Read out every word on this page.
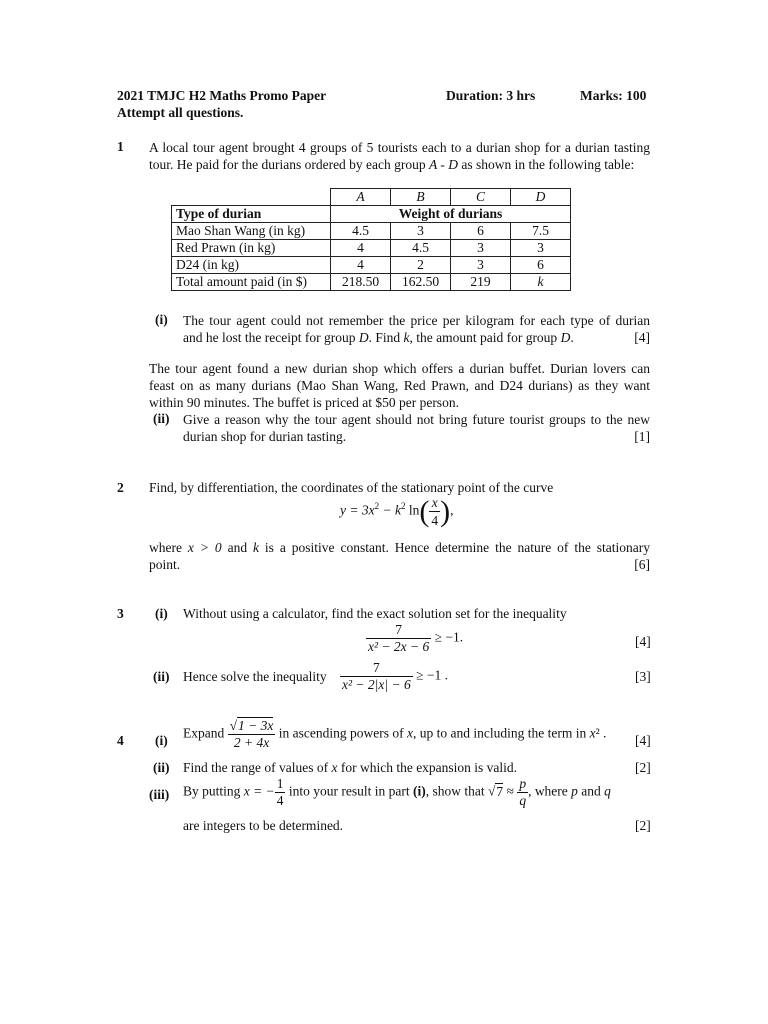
2021 TMJC H2 Maths Promo Paper	Duration: 3 hrs	Marks: 100
Attempt all questions.
1 A local tour agent brought 4 groups of 5 tourists each to a durian shop for a durian tasting
tour. He paid for the durians ordered by each group A - D as shown in the following table:
	A	B	C	D
Type of durian	Weight of durians			
Mao Shan Wang (in kg)	4.5	3	6	7.5
Red Prawn (in kg)	4	4.5	3	3
D24 (in kg)	4	2	3	6
Total amount paid (in $)	218.50	162.50	219	k
(i) The tour agent could not remember the price per kilogram for each type of durian
and he lost the receipt for group D. Find k, the amount paid for group D.	[4]
The tour agent found a new durian shop which offers a durian buffet. Durian lovers can
feast on as many durians (Mao Shan Wang, Red Prawn, and D24 durians) as they want
within 90 minutes. The buffet is priced at $50 per person.
(ii) Give a reason why the tour agent should not bring future tourist groups to the new
durian shop for durian tasting.	[1]
2 Find, by differentiation, the coordinates of the stationary point of the curve
$y = 3x^2 - k^2$ $\ln( \frac{x}{4}$ ),
where x > 0 and k is a positive constant. Hence determine the nature of the stationary
point.	[6]
3 (i) Without using a calculator, find the exact solution set for the inequality
$\frac{7}{\text{x² − 2x − 6}} \ge -1$.	[4]
(ii) Hence solve the inequality $\frac{7}{\text{x² − 2|x| − 6}} \ge -1$ .	[3]
4 (i) Expand $\frac{√1 - 3x}{2 + 4x}$ in ascending powers of x, up to and including the term in x² . [4]
(ii) Find the range of values of x for which the expansion is valid.	[2]
(iii) By putting x = − $\frac{1}{4}$ into your result in part (i), show that $√7 \approx \frac{p}{q}$ , where p and q
are integers to be determined.	[2]
